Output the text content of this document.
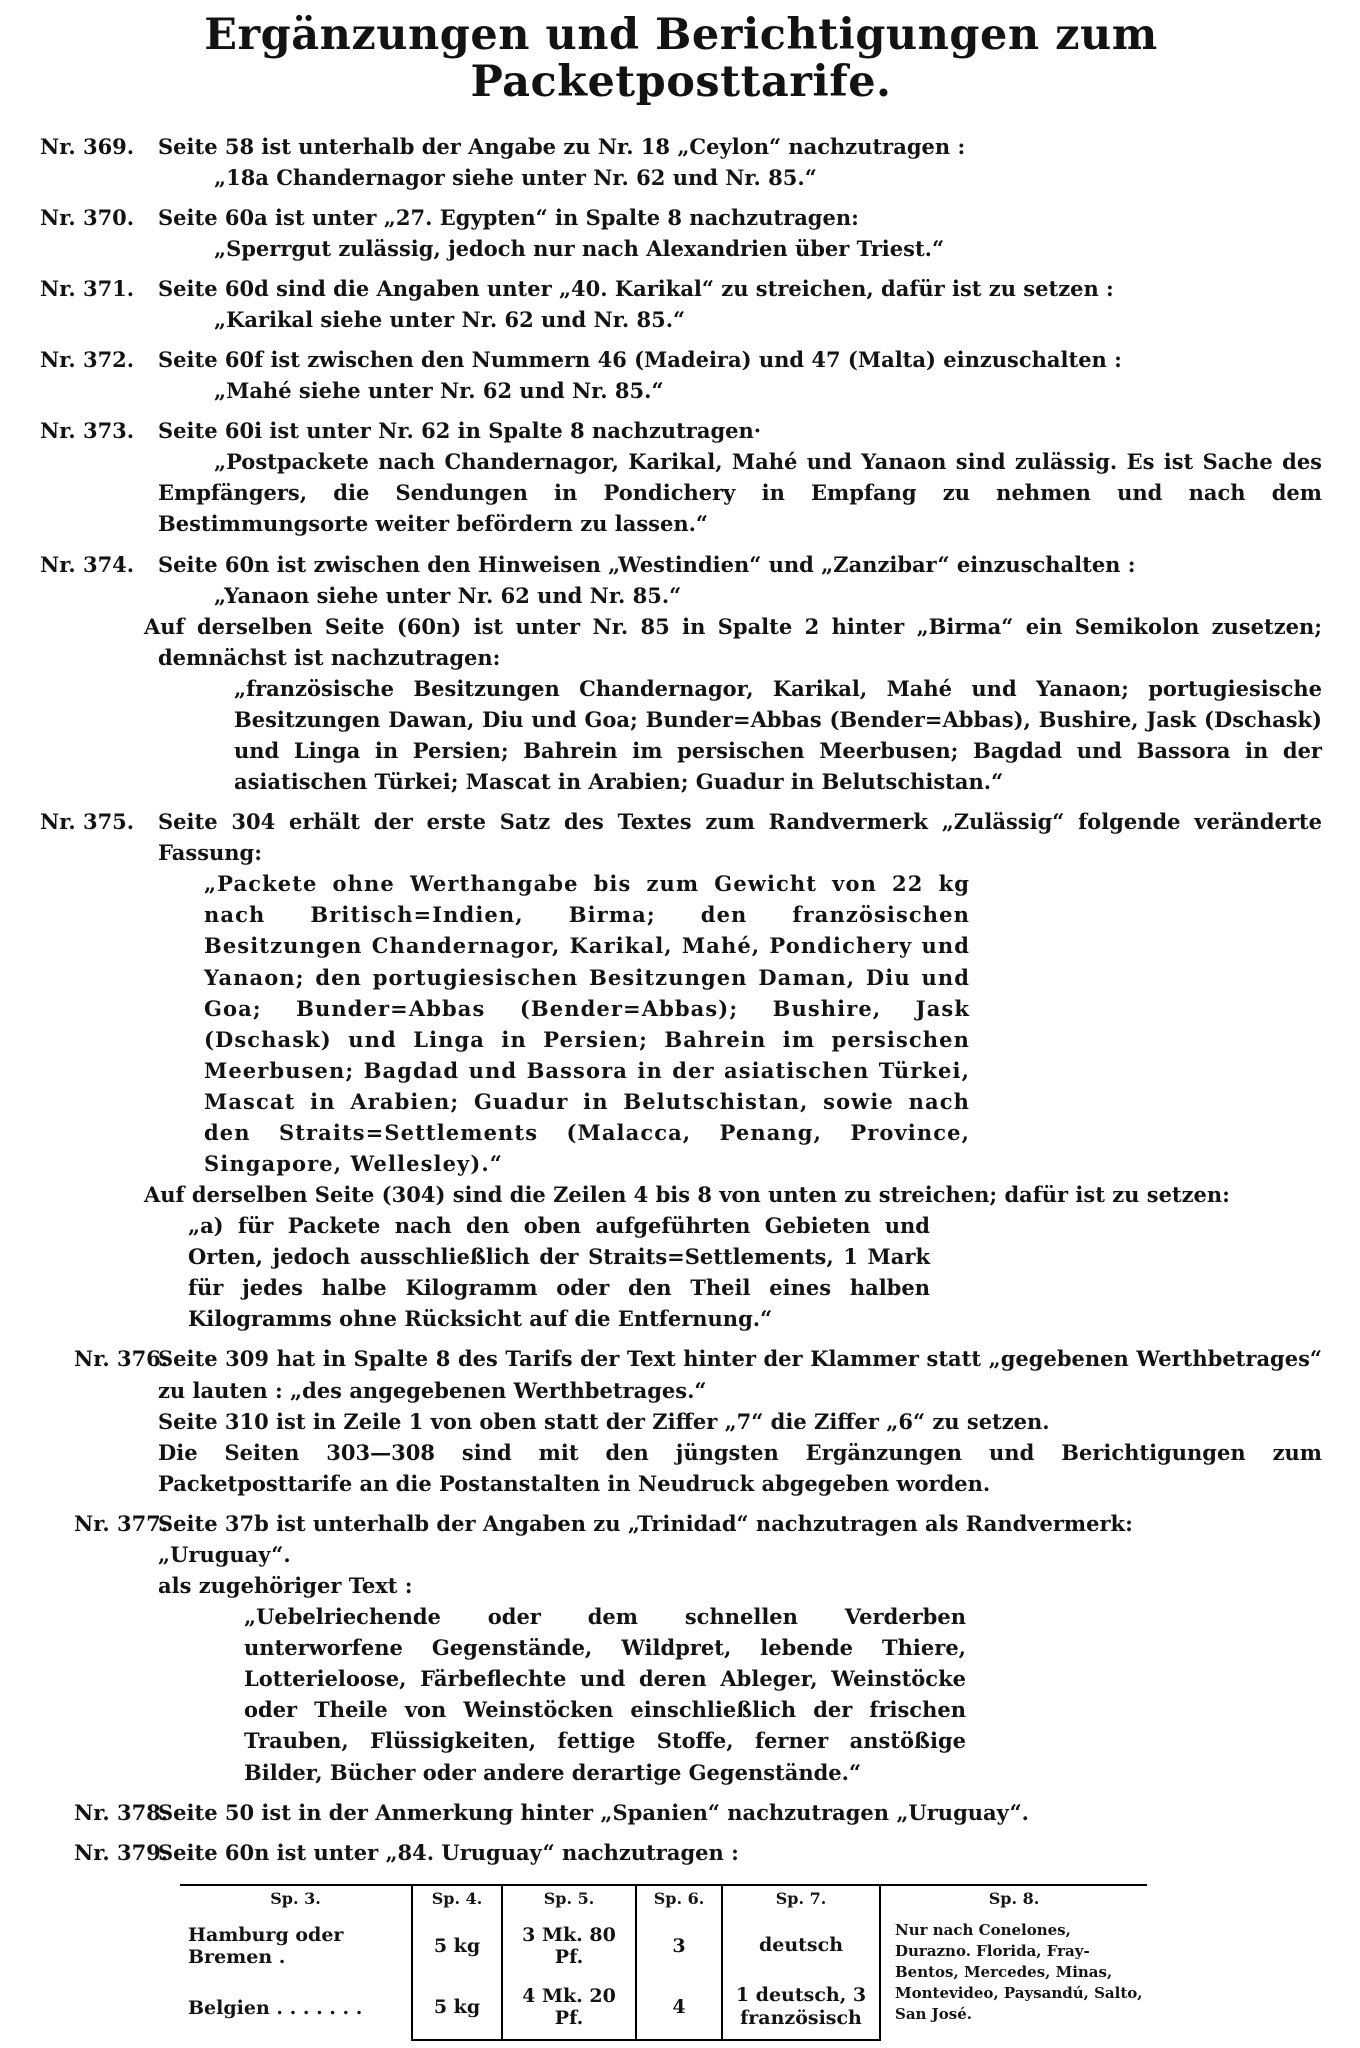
Ergänzungen und Berichtigungen zum Packetposttarife.
Nr. 369.	Seite 58 ist unterhalb der Angabe zu Nr. 18 „Ceylon“ nachzutragen :

„18a Chandernagor siehe unter Nr. 62 und Nr. 85.“

Nr. 370.	Seite 60a ist unter „27. Egypten“ in Spalte 8 nachzutragen:

„Sperrgut zulässig, jedoch nur nach Alexandrien über Triest.“

Nr. 371.	Seite 60d sind die Angaben unter „40. Karikal“ zu streichen, dafür ist zu setzen :

„Karikal siehe unter Nr. 62 und Nr. 85.“

Nr. 372.	Seite 60f ist zwischen den Nummern 46 (Madeira) und 47 (Malta) einzuschalten :

„Mahé siehe unter Nr. 62 und Nr. 85.“

Nr. 373.	Seite 60i ist unter Nr. 62 in Spalte 8 nachzutragen·

„Postpackete nach Chandernagor, Karikal, Mahé und Yanaon sind zulässig. Es ist Sache des Empfängers, die Sendungen in Pondichery in Empfang zu nehmen und nach dem Bestimmungsorte weiter befördern zu lassen.“

Nr. 374.	Seite 60n ist zwischen den Hinweisen „Westindien“ und „Zanzibar“ einzuschalten :

„Yanaon siehe unter Nr. 62 und Nr. 85.“

Auf derselben Seite (60n) ist unter Nr. 85 in Spalte 2 hinter „Birma“ ein Semikolon zusetzen; demnächst ist nachzutragen:

„französische Besitzungen Chandernagor, Karikal, Mahé und Yanaon; portugiesische Besitzungen Dawan, Diu und Goa; Bunder=Abbas (Bender=Abbas), Bushire, Jask (Dschask) und Linga in Persien; Bahrein im persischen Meerbusen; Bagdad und Bassora in der asiatischen Türkei; Mascat in Arabien; Guadur in Belutschistan.“

Nr. 375.	Seite 304 erhält der erste Satz des Textes zum Randvermerk „Zulässig“ folgende veränderte Fassung:

„Packete ohne Werthangabe bis zum Gewicht von 22 kg nach Britisch=Indien, Birma; den französischen Besitzungen Chandernagor, Karikal, Mahé, Pondichery und Yanaon; den portugiesischen Besitzungen Daman, Diu und Goa; Bunder=Abbas (Bender=Abbas); Bushire, Jask (Dschask) und Linga in Persien; Bahrein im persischen Meerbusen; Bagdad und Bassora in der asiatischen Türkei, Mascat in Arabien; Guadur in Belutschistan, sowie nach den Straits=Settlements (Malacca, Penang, Province, Singapore, Wellesley).“

Auf derselben Seite (304) sind die Zeilen 4 bis 8 von unten zu streichen; dafür ist zu setzen:

„a) für Packete nach den oben aufgeführten Gebieten und Orten, jedoch ausschließlich der Straits=Settlements, 1 Mark für jedes halbe Kilogramm oder den Theil eines halben Kilogramms ohne Rücksicht auf die Entfernung.“

Nr. 376.

Seite 309 hat in Spalte 8 des Tarifs der Text hinter der Klammer statt „gegebenen Werthbetrages“ zu lauten : „des angegebenen Werthbetrages.“

Seite 310 ist in Zeile 1 von oben statt der Ziffer „7“ die Ziffer „6“ zu setzen.

Die Seiten 303—308 sind mit den jüngsten Ergänzungen und Berichtigungen zum Packetposttarife an die Postanstalten in Neudruck abgegeben worden.

Nr. 377.

Seite 37b ist unterhalb der Angaben zu „Trinidad“ nachzutragen als Randvermerk:

„Uruguay“.

als zugehöriger Text :

„Uebelriechende oder dem schnellen Verderben unterworfene Gegenstände, Wildpret, lebende Thiere, Lotterieloose, Färbeflechte und deren Ableger, Weinstöcke oder Theile von Weinstöcken einschließlich der frischen Trauben, Flüssigkeiten, fettige Stoffe, ferner anstößige Bilder, Bücher oder andere derartige Gegenstände.“

Nr. 378.

Seite 50 ist in der Anmerkung hinter „Spanien“ nachzutragen „Uruguay“.

Nr. 379.

Seite 60n ist unter „84. Uruguay“ nachzutragen :

Sp. 3.	Sp. 4.	Sp. 5.	Sp. 6.	Sp. 7.	Sp. 8.
Hamburg oder Bremen .	5 kg	3 Mk. 80 Pf.	3	deutsch	Nur nach Conelones, Durazno. Florida, Fray-Bentos, Mercedes, Minas, Montevideo, Paysandú, Salto, San José.
Belgien . . . . . . .	5 kg	4 Mk. 20 Pf.	4	1 deutsch, 3 französisch	
